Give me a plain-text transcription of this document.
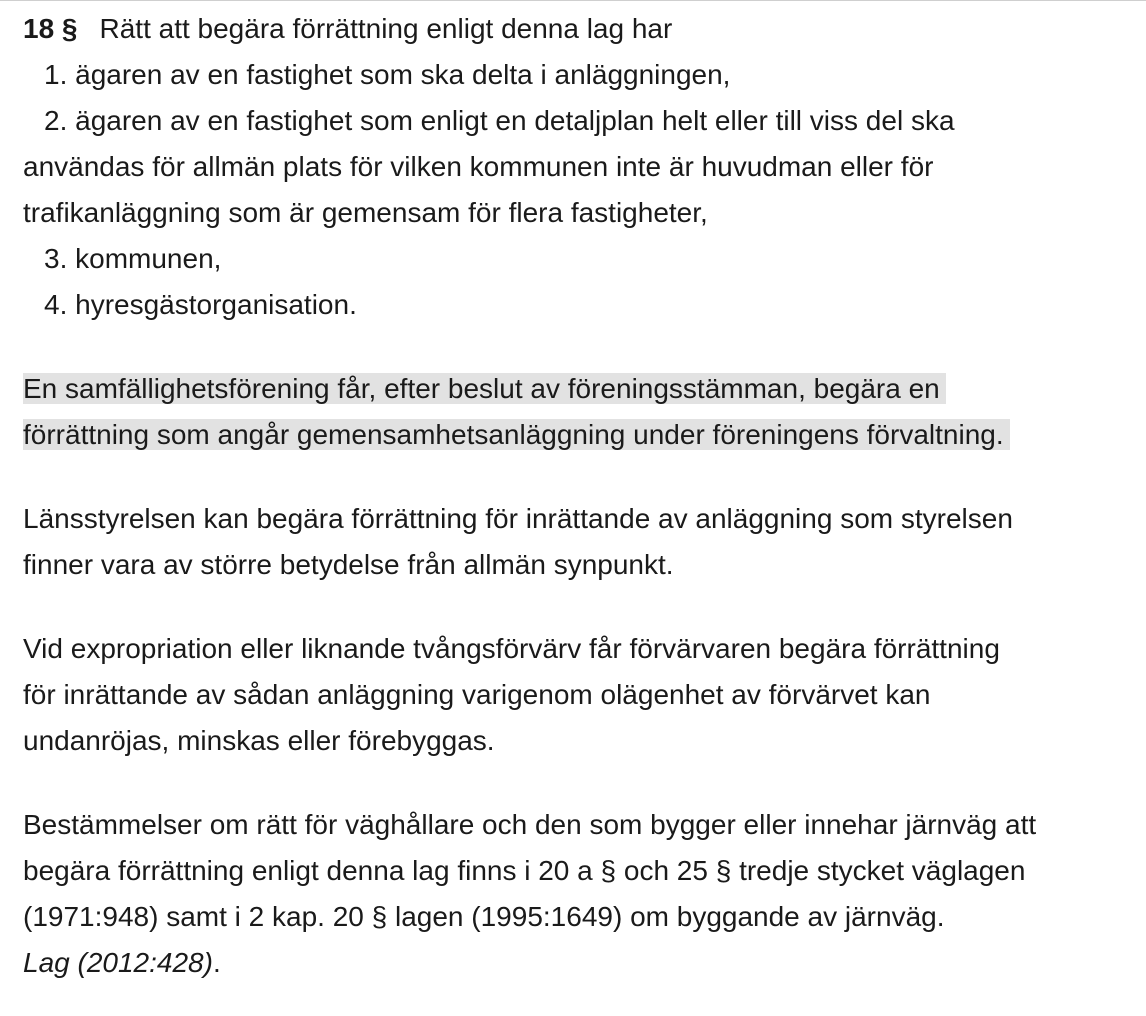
18 § Rätt att begära förrättning enligt denna lag har
1. ägaren av en fastighet som ska delta i anläggningen,
2. ägaren av en fastighet som enligt en detaljplan helt eller till viss del ska
användas för allmän plats för vilken kommunen inte är huvudman eller för
trafikanläggning som är gemensam för flera fastigheter,
3. kommunen,
4. hyresgästorganisation.
En samfällighetsförening får, efter beslut av föreningsstämman, begära en
förrättning som angår gemensamhetsanläggning under föreningens förvaltning.
Länsstyrelsen kan begära förrättning för inrättande av anläggning som styrelsen
finner vara av större betydelse från allmän synpunkt.
Vid expropriation eller liknande tvångsförvärv får förvärvaren begära förrättning
för inrättande av sådan anläggning varigenom olägenhet av förvärvet kan
undanröjas, minskas eller förebyggas.
Bestämmelser om rätt för väghållare och den som bygger eller innehar järnväg att
begära förrättning enligt denna lag finns i 20 a § och 25 § tredje stycket väglagen
(1971:948) samt i 2 kap. 20 § lagen (1995:1649) om byggande av järnväg.
Lag (2012:428).
